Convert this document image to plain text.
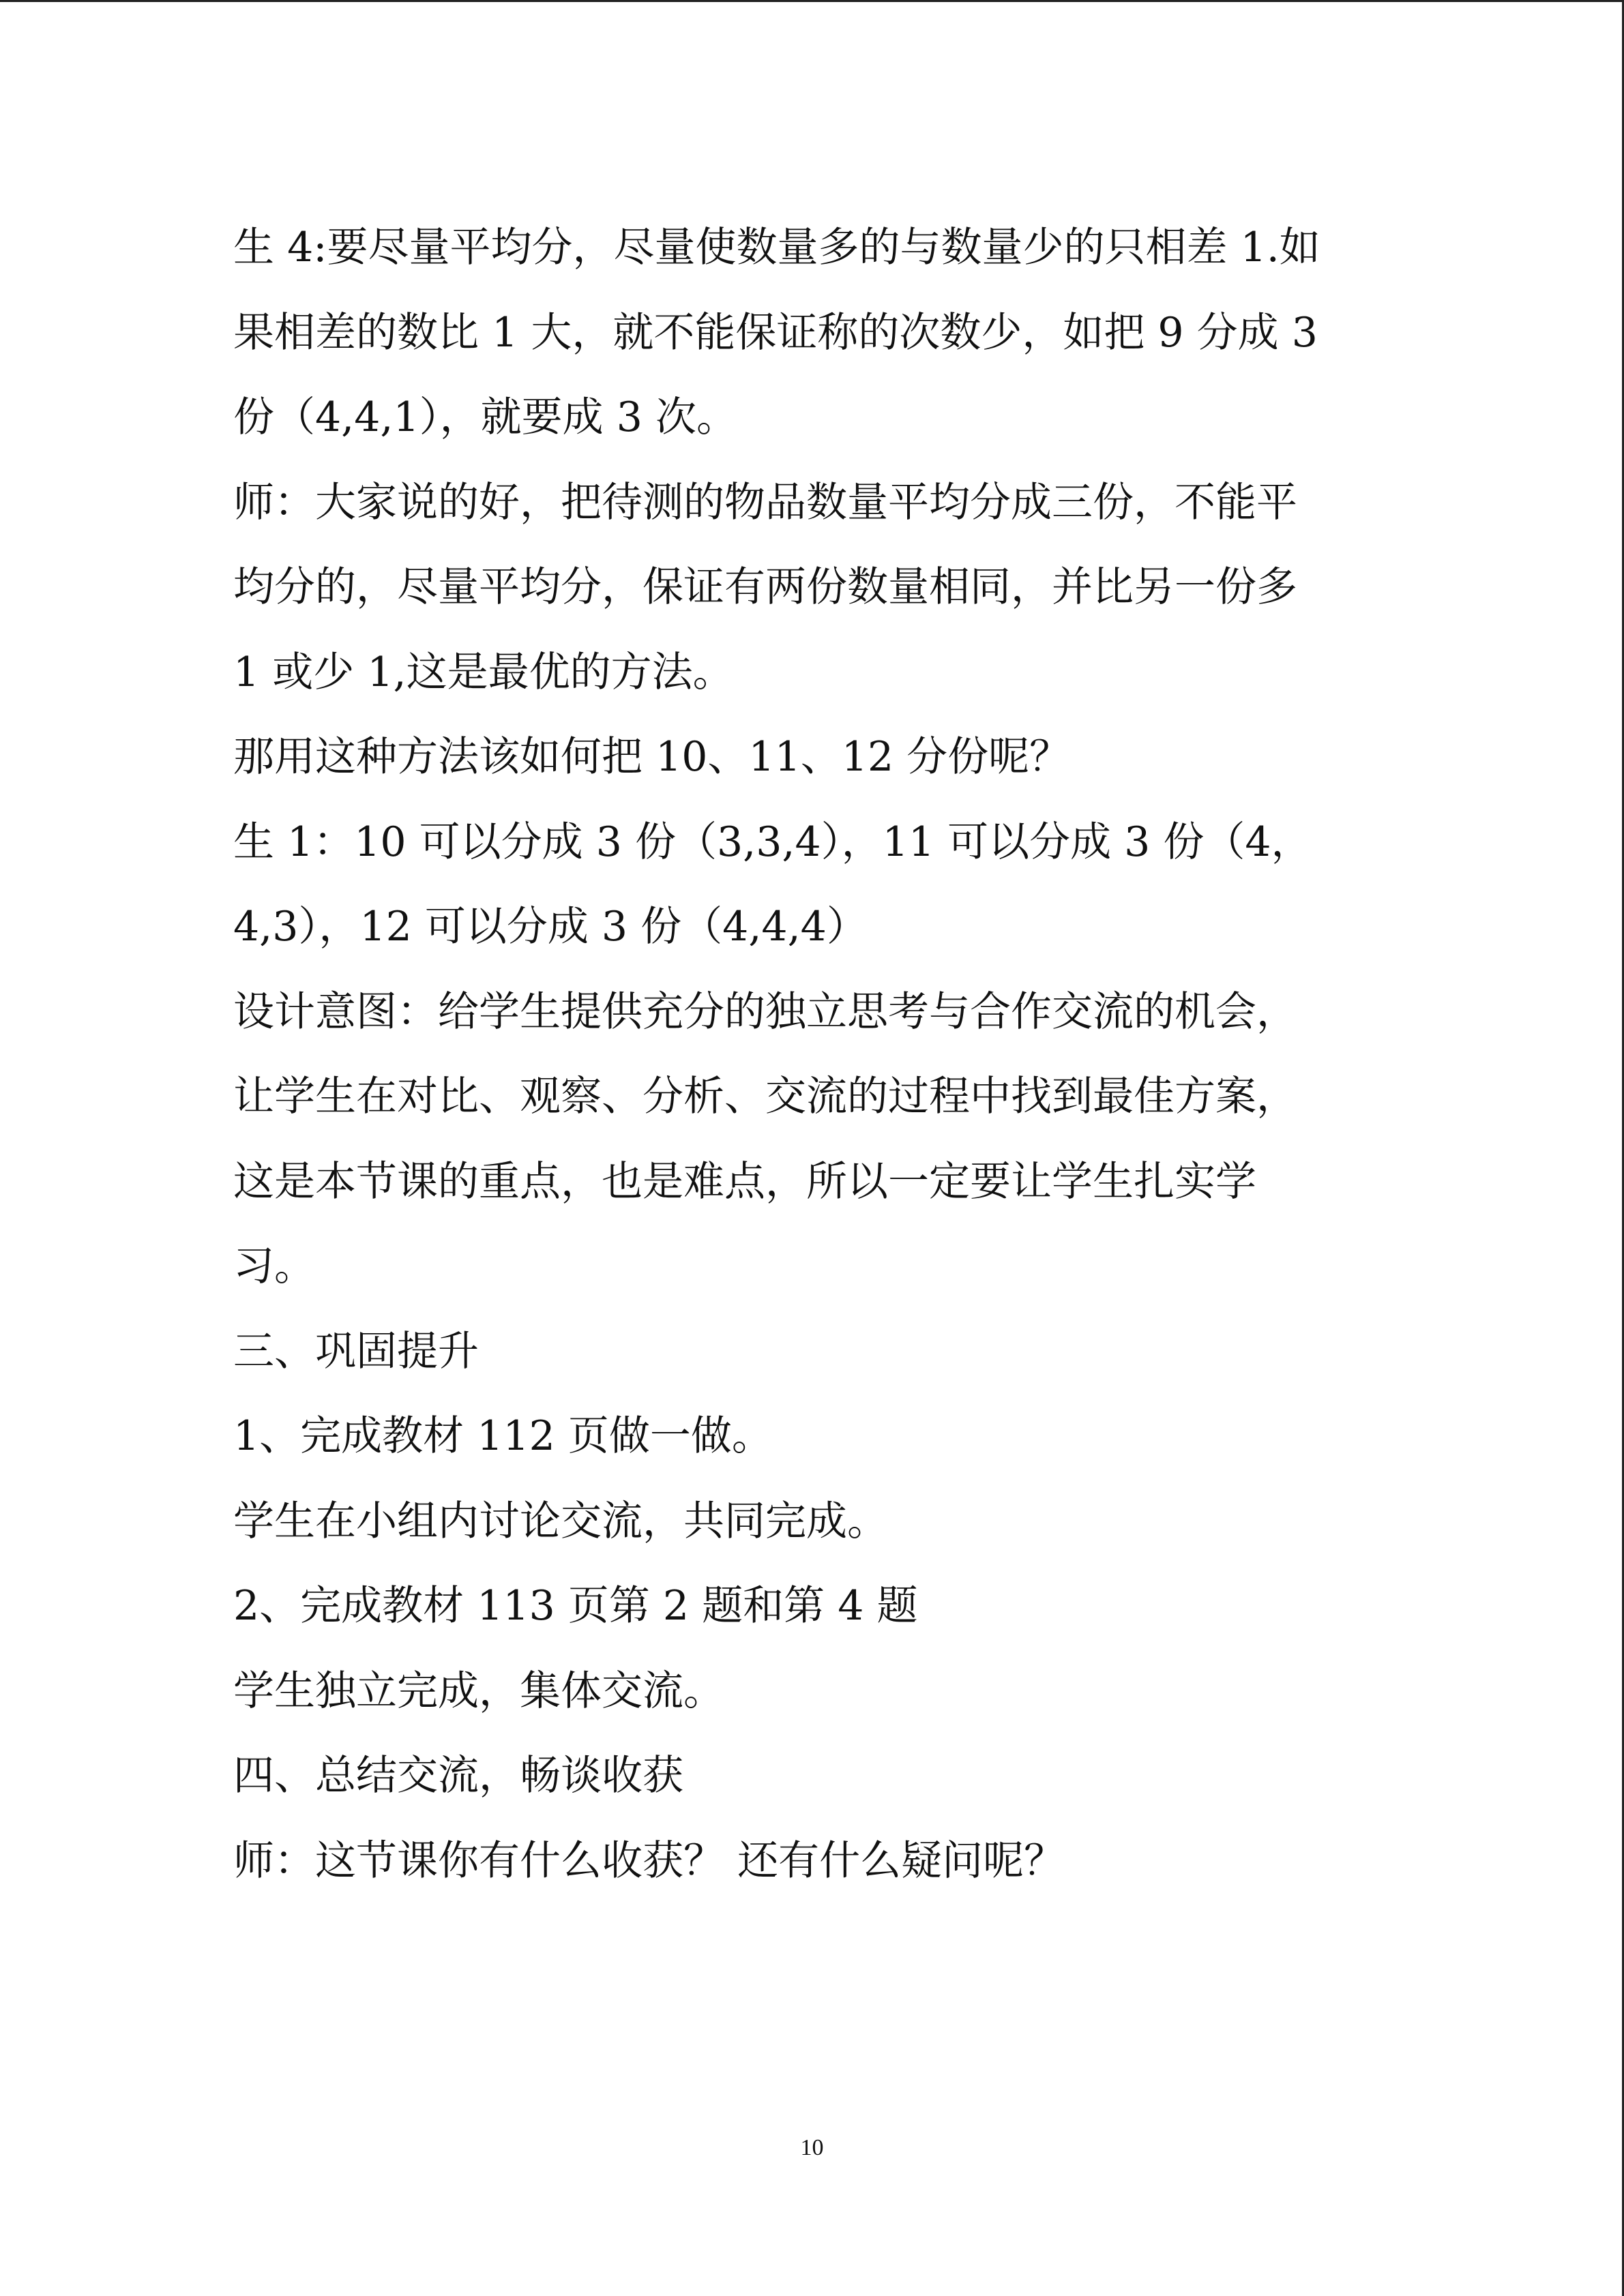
生 4:要尽量平均分，尽量使数量多的与数量少的只相差 1.如

果相差的数比 1 大，就不能保证称的次数少，如把 9 分成 3

份（4,4,1），就要成 3 次。

师：大家说的好，把待测的物品数量平均分成三份，不能平

均分的，尽量平均分，保证有两份数量相同，并比另一份多

1 或少 1,这是最优的方法。

那用这种方法该如何把 10、11、12 分份呢？

生 1：10 可以分成 3 份（3,3,4），11 可以分成 3 份（4，

4,3），12 可以分成 3 份（4,4,4）

设计意图：给学生提供充分的独立思考与合作交流的机会，

让学生在对比、观察、分析、交流的过程中找到最佳方案，

这是本节课的重点，也是难点，所以一定要让学生扎实学

习。

三、巩固提升

1、完成教材 112 页做一做。

学生在小组内讨论交流，共同完成。

2、完成教材 113 页第 2 题和第 4 题

学生独立完成，集体交流。

四、总结交流，畅谈收获

师：这节课你有什么收获？ 还有什么疑问呢？

10
